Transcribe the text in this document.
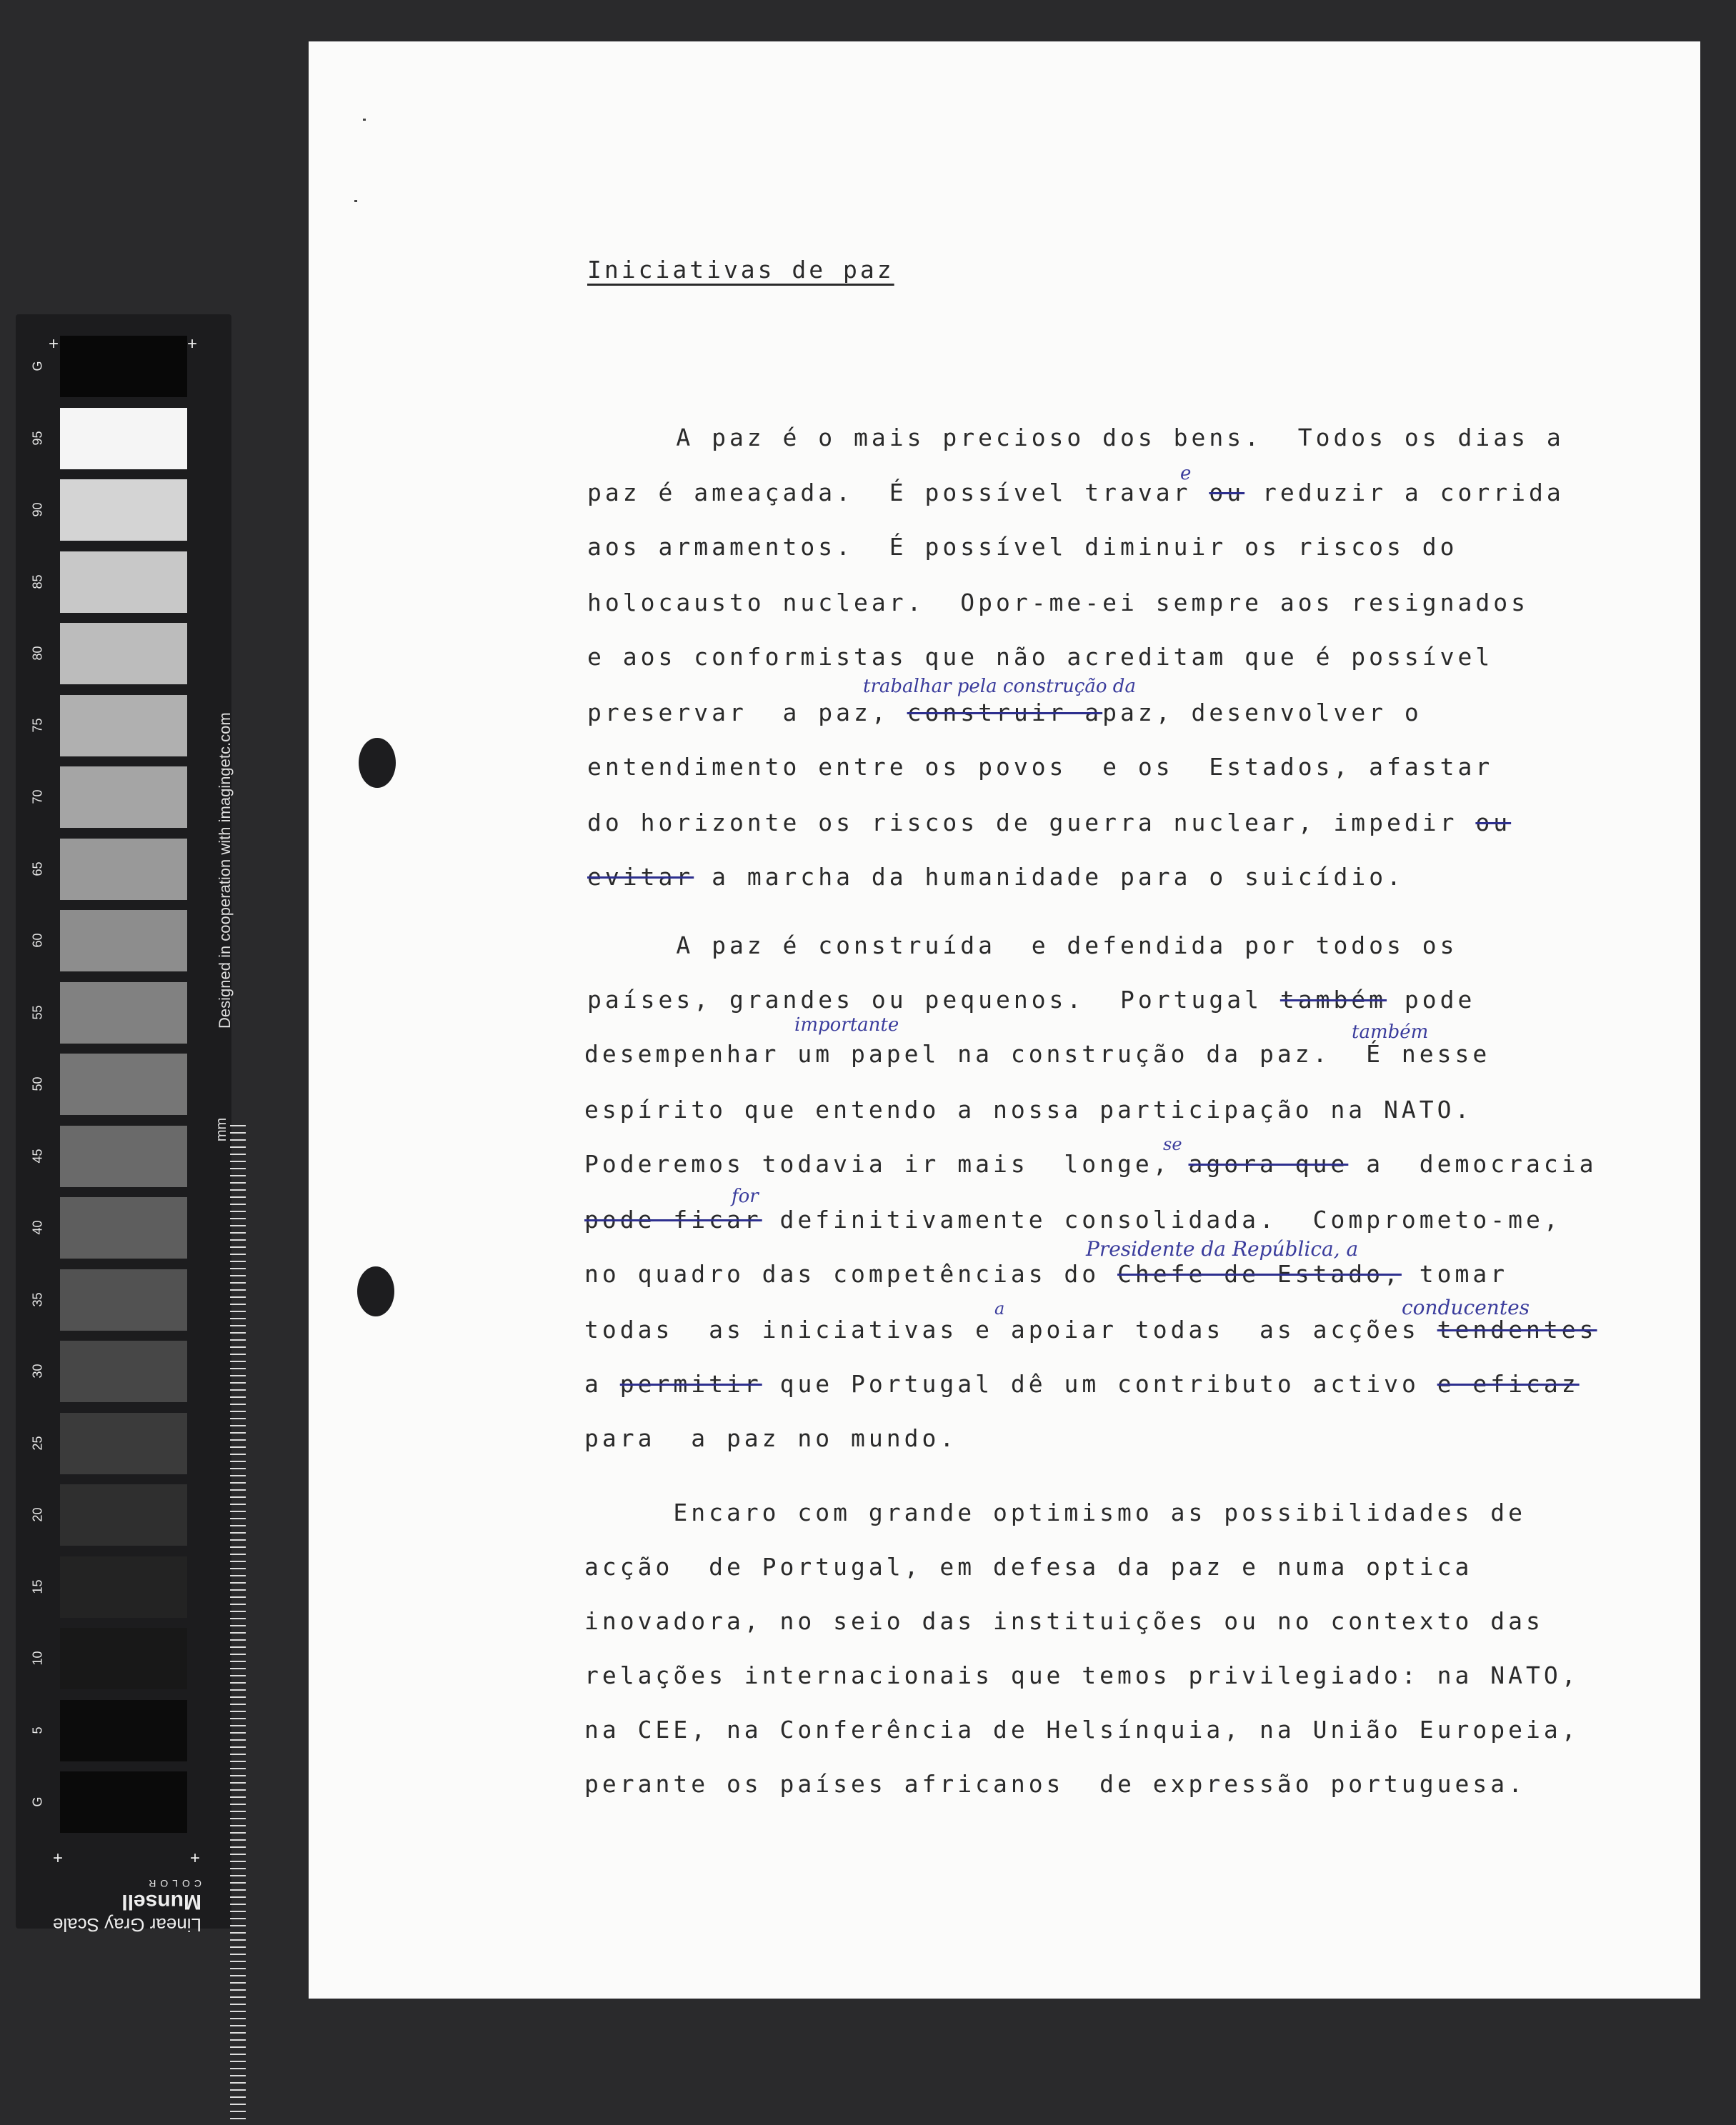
Designed in cooperation with imagingetc.com
mm
+	+
+	+
Linear Gray Scale
Munsell
COLOR
G
95
90
85
80
75
70
65
60
55
50
45
40
35
30
25
20
15
10
5
G
Iniciativas de paz
A paz é o mais precioso dos bens.  Todos os dias a
paz é ameaçada.  É possível travar ou reduzir a corrida
aos armamentos.  É possível diminuir os riscos do
holocausto nuclear.  Opor-me-ei sempre aos resignados
e aos conformistas que não acreditam que é possível
preservar  a paz, construir apaz, desenvolver o
entendimento entre os povos  e os  Estados, afastar
do horizonte os riscos de guerra nuclear, impedir ou
evitar a marcha da humanidade para o suicídio.
A paz é construída  e defendida por todos os
países, grandes ou pequenos.  Portugal também pode
desempenhar um papel na construção da paz.  É nesse
espírito que entendo a nossa participação na NATO.
Poderemos todavia ir mais  longe, agora que a  democracia
pode ficar definitivamente consolidada.  Comprometo-me,
no quadro das competências do Chefe de Estado, tomar
todas  as iniciativas e apoiar todas  as acções tendentes
a permitir que Portugal dê um contributo activo e eficaz
para  a paz no mundo.
Encaro com grande optimismo as possibilidades de
acção  de Portugal, em defesa da paz e numa optica
inovadora, no seio das instituições ou no contexto das
relações internacionais que temos privilegiado: na NATO,
na CEE, na Conferência de Helsínquia, na União Europeia,
perante os países africanos  de expressão portuguesa.
e
trabalhar pela construção da
importante	também
se
for
Presidente da República, a
a	conducentes
